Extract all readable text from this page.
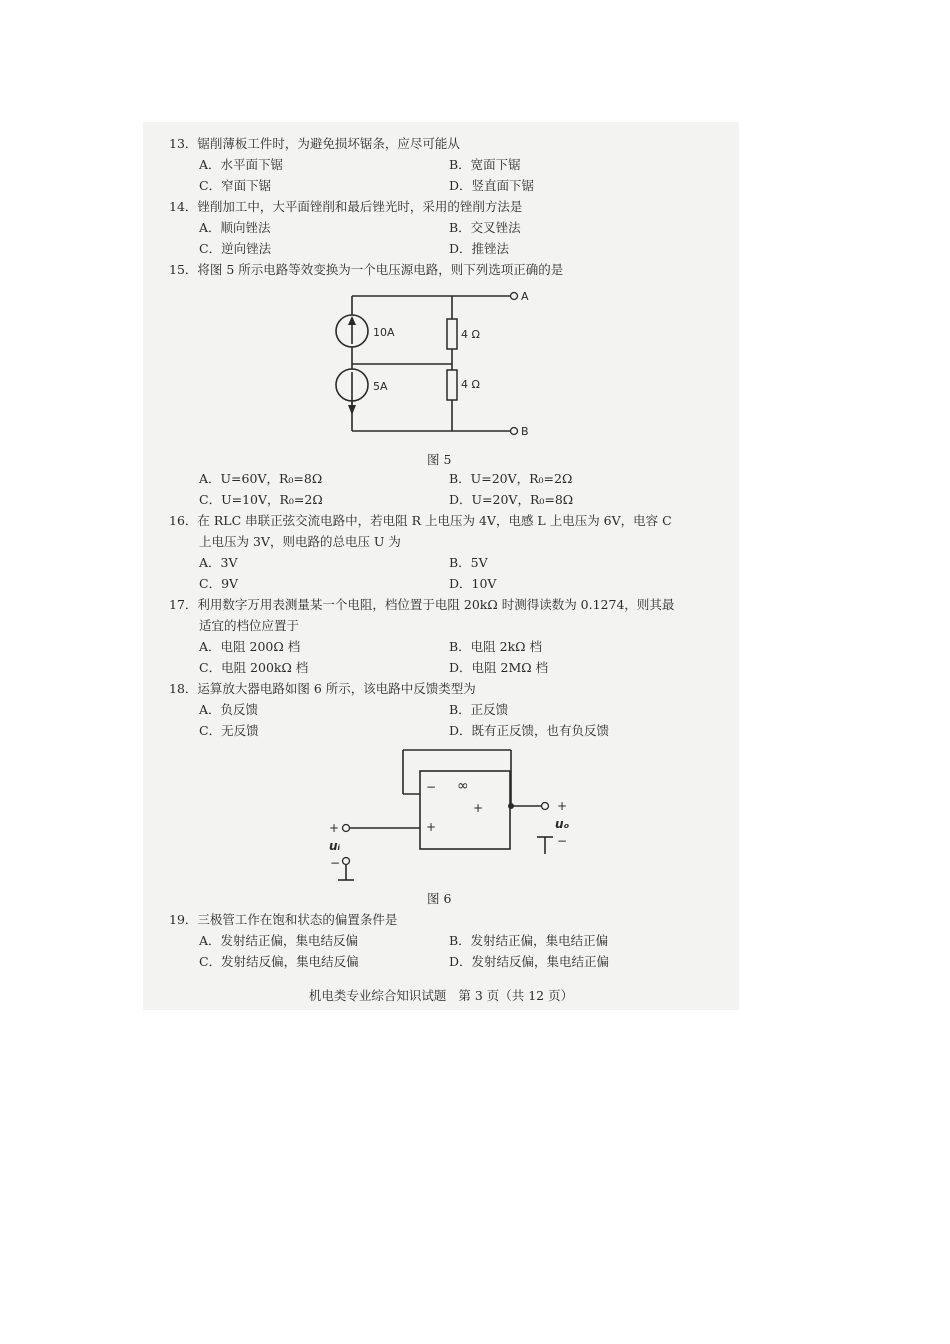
13．锯削薄板工件时，为避免损坏锯条，应尽可能从
A．水平面下锯	B．宽面下锯
C．窄面下锯	D．竖直面下锯
14．锉削加工中，大平面锉削和最后锉光时，采用的锉削方法是
A．顺向锉法	B．交叉锉法
C．逆向锉法	D．推锉法
15．将图 5 所示电路等效变换为一个电压源电路，则下列选项正确的是
10A
5A
4 Ω
4 Ω
A
B
图 5
A．U=60V，R₀=8Ω	B．U=20V，R₀=2Ω
C．U=10V，R₀=2Ω	D．U=20V，R₀=8Ω
16．在 RLC 串联正弦交流电路中，若电阻 R 上电压为 4V，电感 L 上电压为 6V，电容 C
上电压为 3V，则电路的总电压 U 为
A．3V	B．5V
C．9V	D．10V
17．利用数字万用表测量某一个电阻，档位置于电阻 20kΩ 时测得读数为 0.1274，则其最
适宜的档位应置于
A．电阻 200Ω 档	B．电阻 2kΩ 档
C．电阻 200kΩ 档	D．电阻 2MΩ 档
18．运算放大器电路如图 6 所示，该电路中反馈类型为
A．负反馈	B．正反馈
C．无反馈	D．既有正反馈，也有负反馈
−
+
∞
+
+
uᵢ
−
+
uₒ
−
图 6
19．三极管工作在饱和状态的偏置条件是
A．发射结正偏，集电结反偏	B．发射结正偏，集电结正偏
C．发射结反偏，集电结反偏	D．发射结反偏，集电结正偏
机电类专业综合知识试题 第 3 页（共 12 页）
